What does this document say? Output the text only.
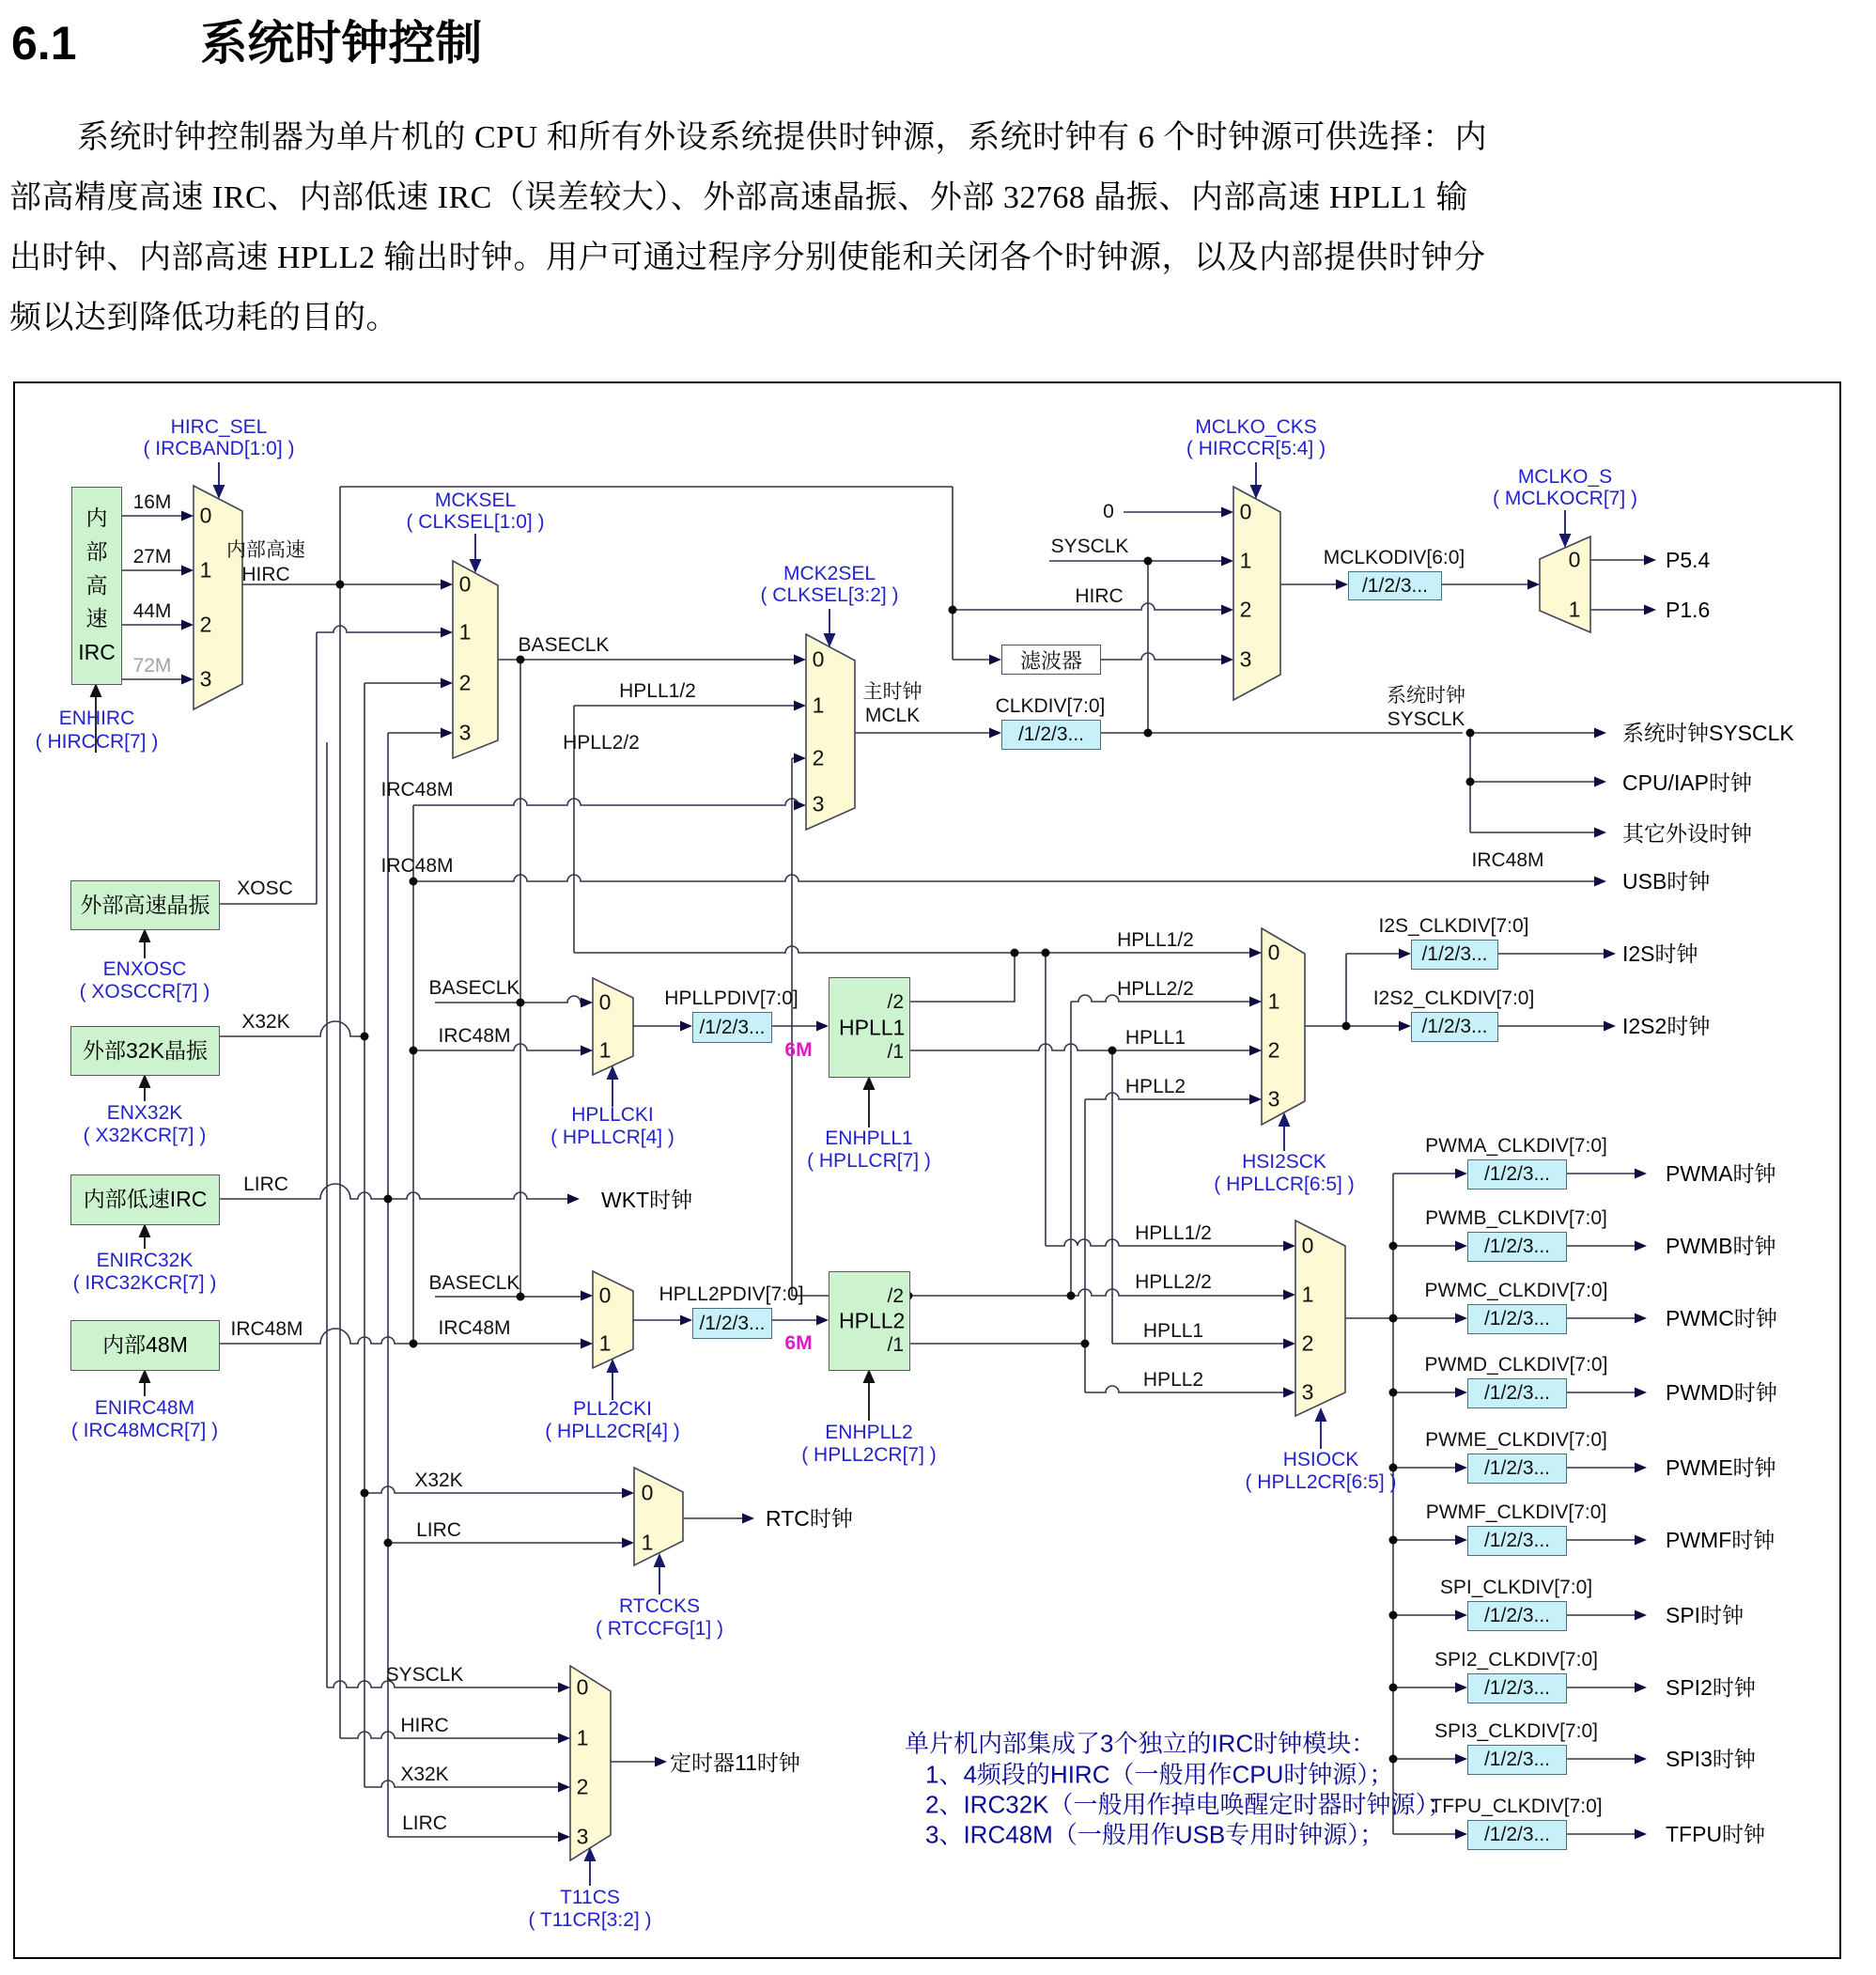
6.1	系统时钟控制
系统时钟控制器为单片机的 CPU 和所有外设系统提供时钟源，系统时钟有 6 个时钟源可供选择：内
部高精度高速 IRC、内部低速 IRC（误差较大）、外部高速晶振、外部 32768 晶振、内部高速 HPLL1 输
出时钟、内部高速 HPLL2 输出时钟。用户可通过程序分别使能和关闭各个时钟源，以及内部提供时钟分
频以达到降低功耗的目的。
0
1
2
3
0
1
2
3
0
1
2
3
0
1
2
3
0
1
0
1
0
1
0
1
2
3
0
1
2
3
0
1
0
1
2
3
内
部
高
速
IRC
外部高速晶振
外部32K晶振
内部低速IRC
内部48M
HPLL1
/2
/1
HPLL2
/2
/1
滤波器
CLKDIV[7:0]
/1/2/3...
MCLKODIV[6:0]
/1/2/3...
HPLLPDIV[7:0]
/1/2/3...
HPLL2PDIV[7:0]
/1/2/3...
I2S_CLKDIV[7:0]
/1/2/3...
I2S2_CLKDIV[7:0]
/1/2/3...
PWMA_CLKDIV[7:0]
/1/2/3...
PWMB_CLKDIV[7:0]
/1/2/3...
PWMC_CLKDIV[7:0]
/1/2/3...
PWMD_CLKDIV[7:0]
/1/2/3...
PWME_CLKDIV[7:0]
/1/2/3...
PWMF_CLKDIV[7:0]
/1/2/3...
SPI_CLKDIV[7:0]
/1/2/3...
SPI2_CLKDIV[7:0]
/1/2/3...
SPI3_CLKDIV[7:0]
/1/2/3...
TFPU_CLKDIV[7:0]
/1/2/3...
16M
27M
44M
72M
HIRC_SEL
( IRCBAND[1:0] )
MCKSEL
( CLKSEL[1:0] )
MCK2SEL
( CLKSEL[3:2] )
MCLKO_CKS
( HIRCCR[5:4] )
MCLKO_S
( MCLKOCR[7] )
ENHIRC
( HIRCCR[7] )
ENXOSC
( XOSCCR[7] )
ENX32K
( X32KCR[7] )
ENIRC32K
( IRC32KCR[7] )
ENIRC48M
( IRC48MCR[7] )
HPLLCKI
( HPLLCR[4] )	ENHPLL1
( HPLLCR[7] )
PLL2CKI
( HPLL2CR[4] )	ENHPLL2
( HPLL2CR[7] )
RTCCKS
( RTCCFG[1] )
T11CS
( T11CR[3:2] )
HSI2SCK
( HPLLCR[6:5] )
HSIOCK
( HPLL2CR[6:5] )
内部高速
HIRC
XOSC
X32K
LIRC
IRC48M
BASECLK
BASECLK
BASECLK
IRC48M
IRC48M
IRC48M
IRC48M
IRC48M
HPLL1/2
HPLL2/2
SYSCLK
HIRC
0
主时钟
MCLK
系统时钟
SYSCLK
HPLL1/2
HPLL2/2
HPLL1
HPLL2
HPLL1/2
HPLL2/2
HPLL1
HPLL2
SYSCLK
HIRC
X32K
LIRC
X32K
LIRC
6M
6M
系统时钟SYSCLK
CPU/IAP时钟
其它外设时钟
USB时钟
I2S时钟
I2S2时钟
PWMA时钟
PWMB时钟
PWMC时钟
PWMD时钟
PWME时钟
PWMF时钟
SPI时钟
SPI2时钟
SPI3时钟
TFPU时钟
P5.4
P1.6
WKT时钟
RTC时钟
定时器11时钟
单片机内部集成了3个独立的IRC时钟模块：
1、4频段的HIRC（一般用作CPU时钟源）；
2、IRC32K（一般用作掉电唤醒定时器时钟源）；
3、IRC48M（一般用作USB专用时钟源）；
